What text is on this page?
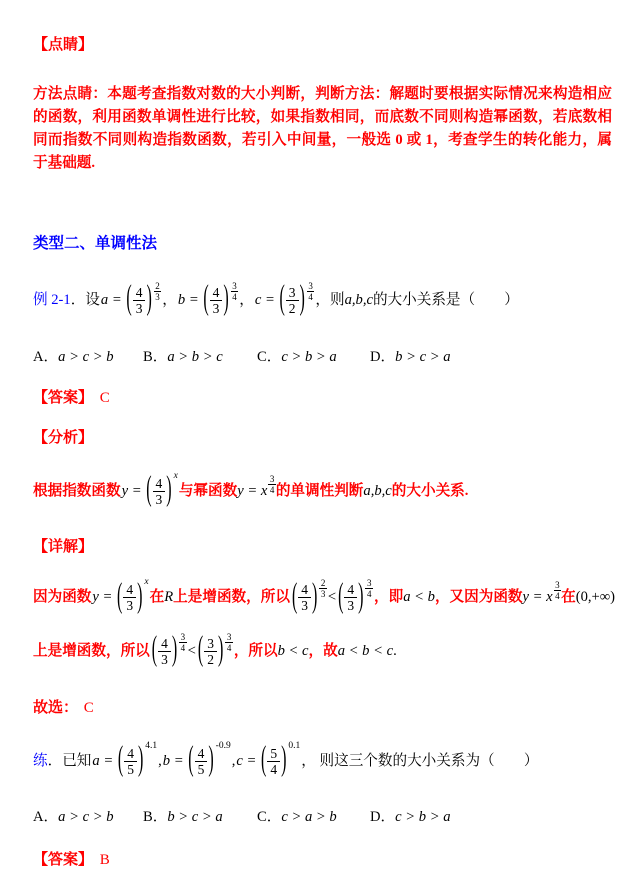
【点睛】

方法点睛：本题考查指数对数的大小判断，判断方法：解题时要根据实际情况来构造相应的函数，利用函数单调性进行比较，如果指数相同，而底数不同则构造幂函数，若底数相同而指数不同则构造指数函数，若引入中间量，一般选 0 或 1，考查学生的转化能力，属于基础题.

类型二、单调性法
例 2-1 ．设 a = ( $\frac{4}{3}$ ) $\frac{2}{3}$ ， b = ( $\frac{4}{3}$ ) $\frac{3}{4}$ ， c = ( $\frac{3}{2}$ ) $\frac{3}{4}$ ，则 a,b,c 的大小关系是（　　）
A． a > c > b B． a > b > c C． c > b > a D． b > c > a
【答案】 C
【分析】
根据指数函数 y = ( $\frac{4}{3}$ ) x
与幂函数 y = x $\frac{3}{4}$ 的单调性判断 a,b,c 的大小关系.
【详解】
因为函数 y = ( $\frac{4}{3}$ ) x
在 R 上是增函数，所以 ( $\frac{4}{3}$ ) $\frac{2}{3}$ < ( $\frac{4}{3}$ ) $\frac{3}{4}$ ，即 a < b ，又因为函数 y = x $\frac{3}{4}$ 在 (0,+∞)
上是增函数，所以 ( $\frac{4}{3}$ ) $\frac{3}{4}$ < ( $\frac{3}{2}$ ) $\frac{3}{4}$ ，所以 b < c ，故 a < b < c .
故选： C
练 ．已知 a = ( $\frac{4}{5}$ ) 4.1
, b = ( $\frac{4}{5}$ ) -0.9
, c = ( $\frac{5}{4}$ ) 0.1
， 则这三个数的大小关系为（　　）
A． a > c > b B． b > c > a C． c > a > b D． c > b > a
【答案】 B
